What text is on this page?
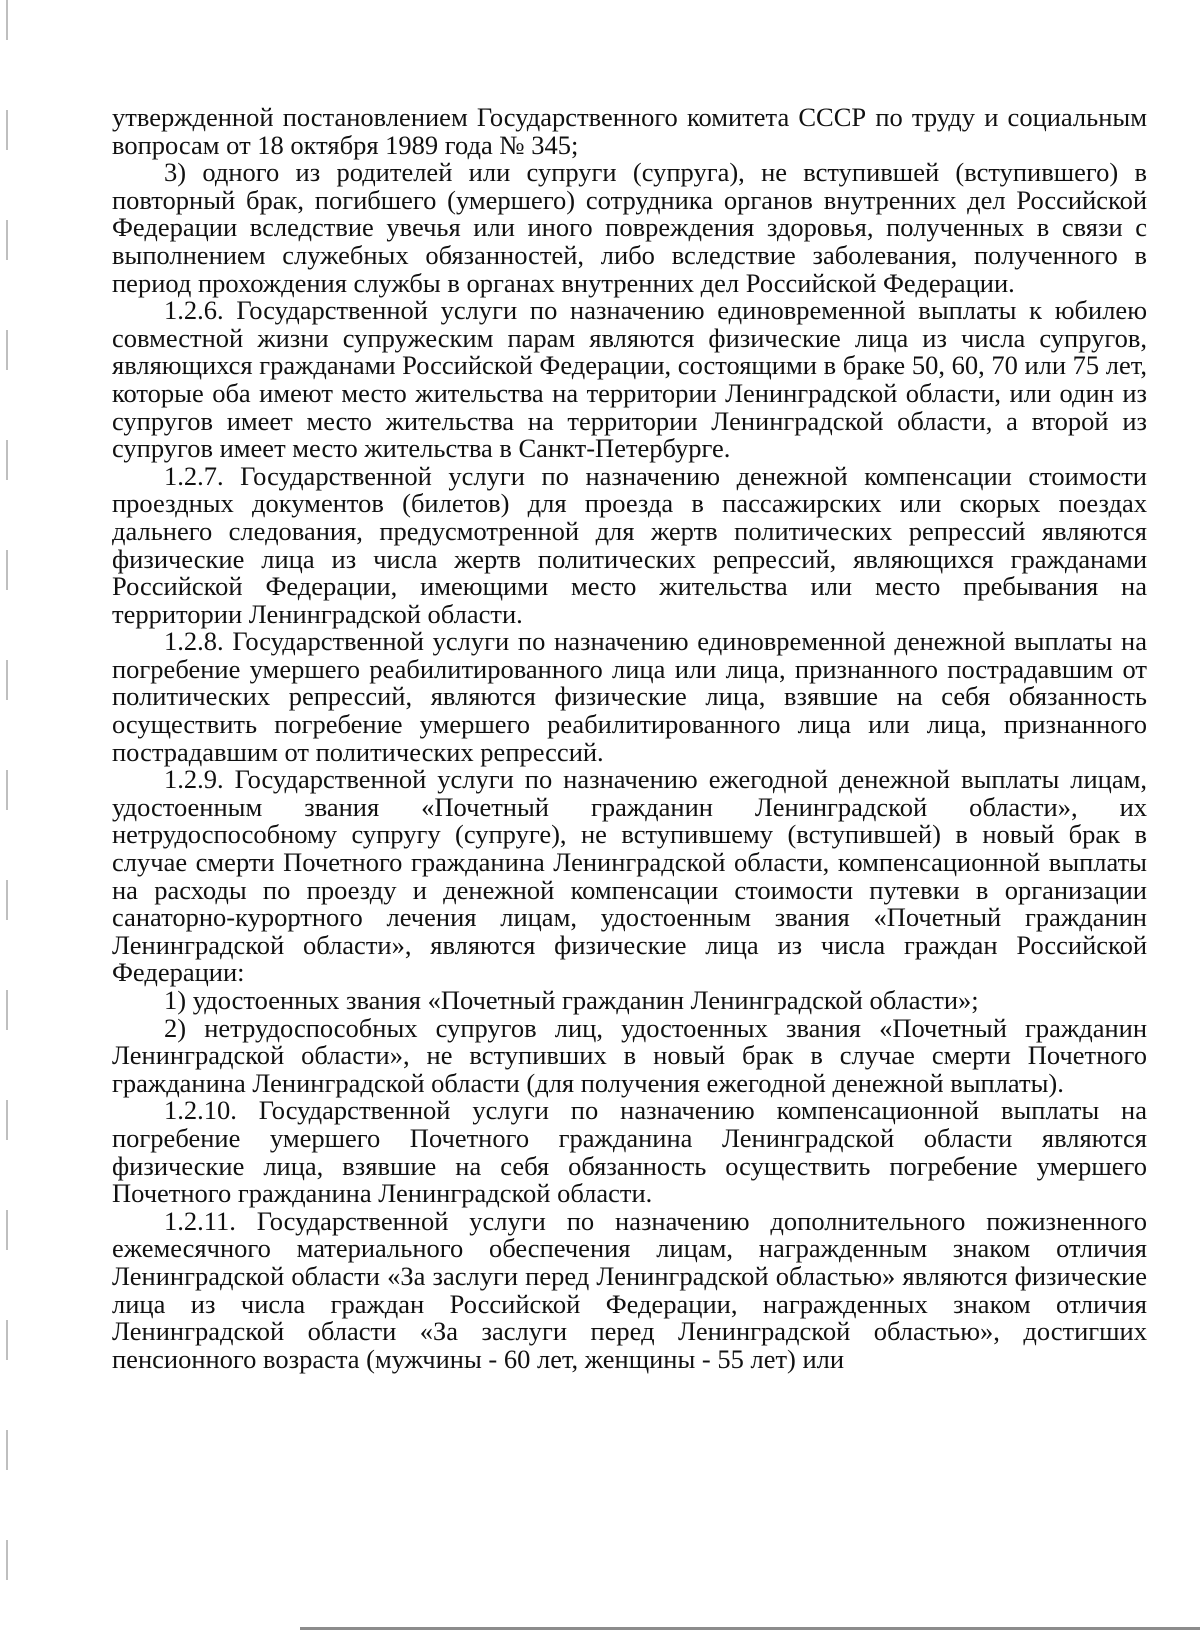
утвержденной постановлением Государственного комитета СССР по труду и социальным вопросам от 18 октября 1989 года № 345;

3) одного из родителей или супруги (супруга), не вступившей (вступившего) в повторный брак, погибшего (умершего) сотрудника органов внутренних дел Российской Федерации вследствие увечья или иного повреждения здоровья, полученных в связи с выполнением служебных обязанностей, либо вследствие заболевания, полученного в период прохождения службы в органах внутренних дел Российской Федерации.

1.2.6. Государственной услуги по назначению единовременной выплаты к юбилею совместной жизни супружеским парам являются физические лица из числа супругов, являющихся гражданами Российской Федерации, состоящими в браке 50, 60, 70 или 75 лет, которые оба имеют место жительства на территории Ленинградской области, или один из супругов имеет место жительства на территории Ленинградской области, а второй из супругов имеет место жительства в Санкт-Петербурге.

1.2.7. Государственной услуги по назначению денежной компенсации стоимости проездных документов (билетов) для проезда в пассажирских или скорых поездах дальнего следования, предусмотренной для жертв политических репрессий являются физические лица из числа жертв политических репрессий, являющихся гражданами Российской Федерации, имеющими место жительства или место пребывания на территории Ленинградской области.

1.2.8. Государственной услуги по назначению единовременной денежной выплаты на погребение умершего реабилитированного лица или лица, признанного пострадавшим от политических репрессий, являются физические лица, взявшие на себя обязанность осуществить погребение умершего реабилитированного лица или лица, признанного пострадавшим от политических репрессий.

1.2.9. Государственной услуги по назначению ежегодной денежной выплаты лицам, удостоенным звания «Почетный гражданин Ленинградской области», их нетрудоспособному супругу (супруге), не вступившему (вступившей) в новый брак в случае смерти Почетного гражданина Ленинградской области, компенсационной выплаты на расходы по проезду и денежной компенсации стоимости путевки в организации санаторно-курортного лечения лицам, удостоенным звания «Почетный гражданин Ленинградской области», являются физические лица из числа граждан Российской Федерации:

1) удостоенных звания «Почетный гражданин Ленинградской области»;

2) нетрудоспособных супругов лиц, удостоенных звания «Почетный гражданин Ленинградской области», не вступивших в новый брак в случае смерти Почетного гражданина Ленинградской области (для получения ежегодной денежной выплаты).

1.2.10. Государственной услуги по назначению компенсационной выплаты на погребение умершего Почетного гражданина Ленинградской области являются физические лица, взявшие на себя обязанность осуществить погребение умершего Почетного гражданина Ленинградской области.

1.2.11. Государственной услуги по назначению дополнительного пожизненного ежемесячного материального обеспечения лицам, награжденным знаком отличия Ленинградской области «За заслуги перед Ленинградской областью» являются физические лица из числа граждан Российской Федерации, награжденных знаком отличия Ленинградской области «За заслуги перед Ленинградской областью», достигших пенсионного возраста (мужчины - 60 лет, женщины - 55 лет) или
